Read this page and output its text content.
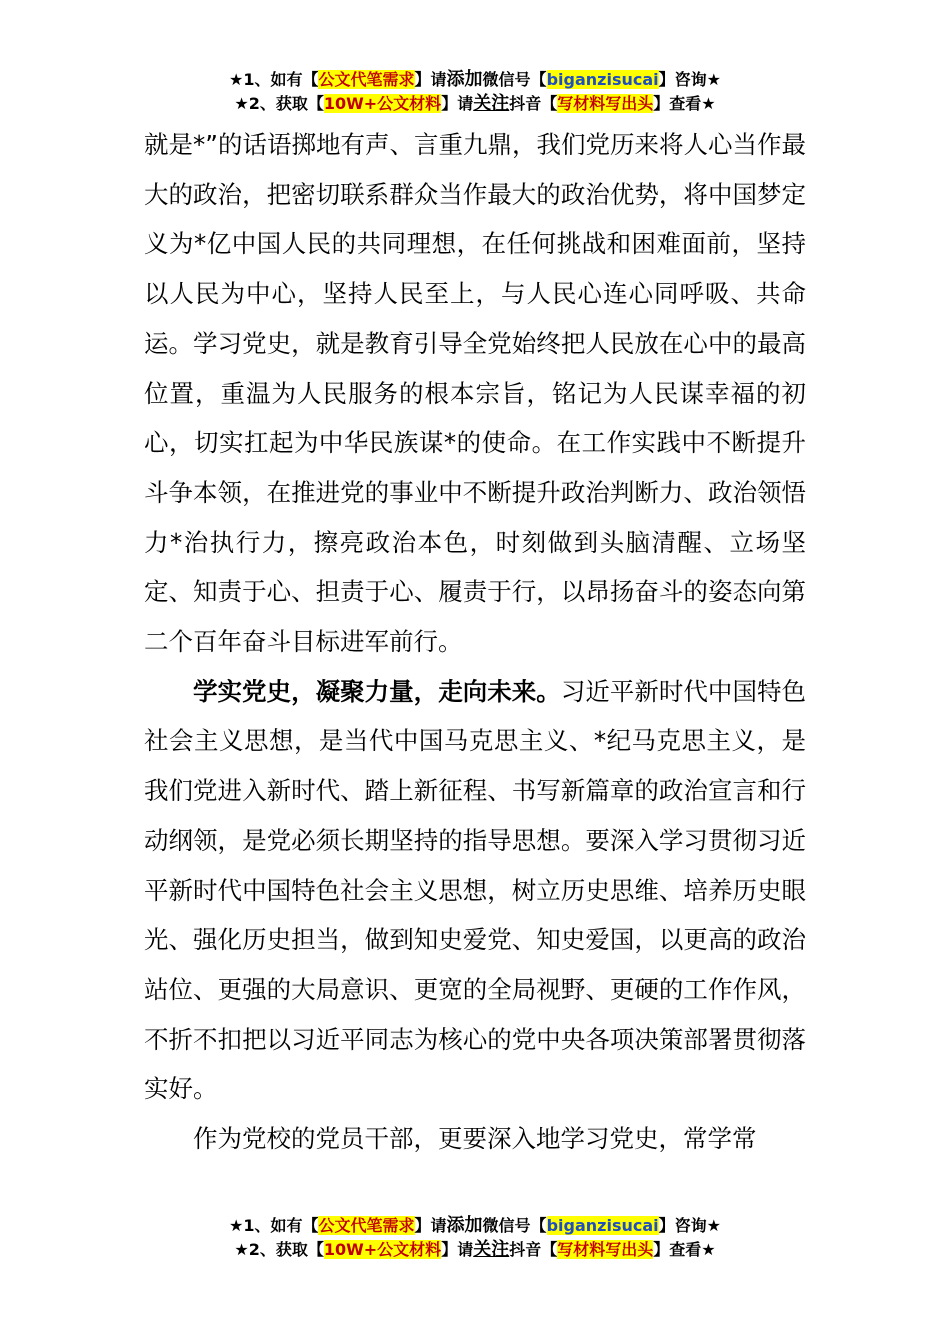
★1、如有【公文代笔需求】请添加微信号【biganzisucai】咨询★
★2、获取【10W+公文材料】请关注抖音【写材料写出头】查看★

就是*”的话语掷地有声、言重九鼎，我们党历来将人心当作最大的政治，把密切联系群众当作最大的政治优势，将中国梦定义为*亿中国人民的共同理想，在任何挑战和困难面前，坚持以人民为中心，坚持人民至上，与人民心连心同呼吸、共命运。学习党史，就是教育引导全党始终把人民放在心中的最高位置，重温为人民服务的根本宗旨，铭记为人民谋幸福的初心，切实扛起为中华民族谋*的使命。在工作实践中不断提升斗争本领，在推进党的事业中不断提升政治判断力、政治领悟力*治执行力，擦亮政治本色，时刻做到头脑清醒、立场坚定、知责于心、担责于心、履责于行，以昂扬奋斗的姿态向第二个百年奋斗目标进军前行。

学实党史，凝聚力量，走向未来。习近平新时代中国特色社会主义思想，是当代中国马克思主义、*纪马克思主义，是我们党进入新时代、踏上新征程、书写新篇章的政治宣言和行动纲领，是党必须长期坚持的指导思想。要深入学习贯彻习近平新时代中国特色社会主义思想，树立历史思维、培养历史眼光、强化历史担当，做到知史爱党、知史爱国，以更高的政治站位、更强的大局意识、更宽的全局视野、更硬的工作作风，不折不扣把以习近平同志为核心的党中央各项决策部署贯彻落实好。

作为党校的党员干部，更要深入地学习党史，常学常

★1、如有【公文代笔需求】请添加微信号【biganzisucai】咨询★
★2、获取【10W+公文材料】请关注抖音【写材料写出头】查看★
